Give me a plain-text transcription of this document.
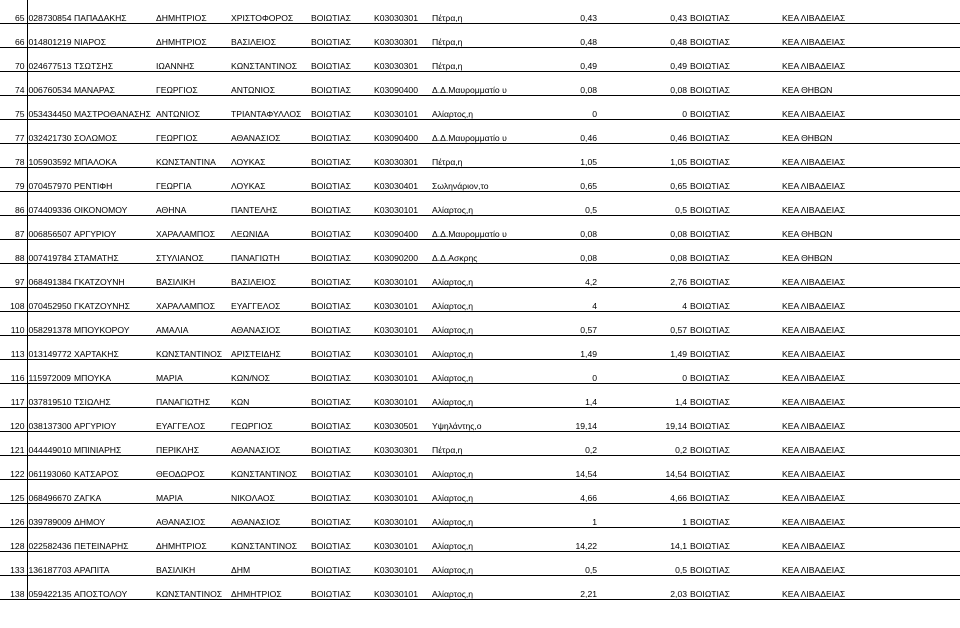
65	028730854	ΠΑΠΑΔΑΚΗΣ	ΔΗΜΗΤΡΙΟΣ	ΧΡΙΣΤΟΦΟΡΟΣ	ΒΟΙΩΤΙΑΣ	K03030301	Πέτρα,η	0,43	0,43	ΒΟΙΩΤΙΑΣ	ΚΕΑ ΛΙΒΑΔΕΙΑΣ	
66	014801219	ΝΙΑΡΟΣ	ΔΗΜΗΤΡΙΟΣ	ΒΑΣΙΛΕΙΟΣ	ΒΟΙΩΤΙΑΣ	K03030301	Πέτρα,η	0,48	0,48	ΒΟΙΩΤΙΑΣ	ΚΕΑ ΛΙΒΑΔΕΙΑΣ	
70	024677513	ΤΣΩΤΣΗΣ	ΙΩΑΝΝΗΣ	ΚΩΝΣΤΑΝΤΙΝΟΣ	ΒΟΙΩΤΙΑΣ	K03030301	Πέτρα,η	0,49	0,49	ΒΟΙΩΤΙΑΣ	ΚΕΑ ΛΙΒΑΔΕΙΑΣ	
74	006760534	ΜΑΝΑΡΑΣ	ΓΕΩΡΓΙΟΣ	ΑΝΤΩΝΙΟΣ	ΒΟΙΩΤΙΑΣ	K03090400	Δ.Δ.Μαυρομματίο υ	0,08	0,08	ΒΟΙΩΤΙΑΣ	ΚΕΑ ΘΗΒΩΝ	
75	053434450	ΜΑΣΤΡΟΘΑΝΑΣΗΣ	ΑΝΤΩΝΙΟΣ	ΤΡΙΑΝΤΑΦΥΛΛΟΣ	ΒΟΙΩΤΙΑΣ	K03030101	Αλίαρτος,η	0	0	ΒΟΙΩΤΙΑΣ	ΚΕΑ ΛΙΒΑΔΕΙΑΣ	
77	032421730	ΣΟΛΩΜΟΣ	ΓΕΩΡΓΙΟΣ	ΑΘΑΝΑΣΙΟΣ	ΒΟΙΩΤΙΑΣ	K03090400	Δ.Δ.Μαυρομματίο υ	0,46	0,46	ΒΟΙΩΤΙΑΣ	ΚΕΑ ΘΗΒΩΝ	
78	105903592	ΜΠΑΛΟΚΑ	ΚΩΝΣΤΑΝΤΙΝΑ	ΛΟΥΚΑΣ	ΒΟΙΩΤΙΑΣ	K03030301	Πέτρα,η	1,05	1,05	ΒΟΙΩΤΙΑΣ	ΚΕΑ ΛΙΒΑΔΕΙΑΣ	
79	070457970	ΡΕΝΤΙΦΗ	ΓΕΩΡΓΙΑ	ΛΟΥΚΑΣ	ΒΟΙΩΤΙΑΣ	K03030401	Σωληνάριον,το	0,65	0,65	ΒΟΙΩΤΙΑΣ	ΚΕΑ ΛΙΒΑΔΕΙΑΣ	
86	074409336	ΟΙΚΟΝΟΜΟΥ	ΑΘΗΝΑ	ΠΑΝΤΕΛΗΣ	ΒΟΙΩΤΙΑΣ	K03030101	Αλίαρτος,η	0,5	0,5	ΒΟΙΩΤΙΑΣ	ΚΕΑ ΛΙΒΑΔΕΙΑΣ	
87	006856507	ΑΡΓΥΡΙΟΥ	ΧΑΡΑΛΑΜΠΟΣ	ΛΕΩΝΙΔΑ	ΒΟΙΩΤΙΑΣ	K03090400	Δ.Δ.Μαυρομματίο υ	0,08	0,08	ΒΟΙΩΤΙΑΣ	ΚΕΑ ΘΗΒΩΝ	
88	007419784	ΣΤΑΜΑΤΗΣ	ΣΤΥΛΙΑΝΟΣ	ΠΑΝΑΓΙΩΤΗ	ΒΟΙΩΤΙΑΣ	K03090200	Δ.Δ.Ασκρης	0,08	0,08	ΒΟΙΩΤΙΑΣ	ΚΕΑ ΘΗΒΩΝ	
97	068491384	ΓΚΑΤΖΟΥΝΗ	ΒΑΣΙΛΙΚΗ	ΒΑΣΙΛΕΙΟΣ	ΒΟΙΩΤΙΑΣ	K03030101	Αλίαρτος,η	4,2	2,76	ΒΟΙΩΤΙΑΣ	ΚΕΑ ΛΙΒΑΔΕΙΑΣ	
108	070452950	ΓΚΑΤΖΟΥΝΗΣ	ΧΑΡΑΛΑΜΠΟΣ	ΕΥΑΓΓΕΛΟΣ	ΒΟΙΩΤΙΑΣ	K03030101	Αλίαρτος,η	4	4	ΒΟΙΩΤΙΑΣ	ΚΕΑ ΛΙΒΑΔΕΙΑΣ	
110	058291378	ΜΠΟΥΚΟΡΟΥ	ΑΜΑΛΙΑ	ΑΘΑΝΑΣΙΟΣ	ΒΟΙΩΤΙΑΣ	K03030101	Αλίαρτος,η	0,57	0,57	ΒΟΙΩΤΙΑΣ	ΚΕΑ ΛΙΒΑΔΕΙΑΣ	
113	013149772	ΧΑΡΤΑΚΗΣ	ΚΩΝΣΤΑΝΤΙΝΟΣ	ΑΡΙΣΤΕΙΔΗΣ	ΒΟΙΩΤΙΑΣ	K03030101	Αλίαρτος,η	1,49	1,49	ΒΟΙΩΤΙΑΣ	ΚΕΑ ΛΙΒΑΔΕΙΑΣ	
116	115972009	ΜΠΟΥΚΑ	ΜΑΡΙΑ	ΚΩΝ/ΝΟΣ	ΒΟΙΩΤΙΑΣ	K03030101	Αλίαρτος,η	0	0	ΒΟΙΩΤΙΑΣ	ΚΕΑ ΛΙΒΑΔΕΙΑΣ	
117	037819510	ΤΣΙΩΛΗΣ	ΠΑΝΑΓΙΩΤΗΣ	ΚΩΝ	ΒΟΙΩΤΙΑΣ	K03030101	Αλίαρτος,η	1,4	1,4	ΒΟΙΩΤΙΑΣ	ΚΕΑ ΛΙΒΑΔΕΙΑΣ	
120	038137300	ΑΡΓΥΡΙΟΥ	ΕΥΑΓΓΕΛΟΣ	ΓΕΩΡΓΙΟΣ	ΒΟΙΩΤΙΑΣ	K03030501	Υψηλάντης,ο	19,14	19,14	ΒΟΙΩΤΙΑΣ	ΚΕΑ ΛΙΒΑΔΕΙΑΣ	
121	044449010	ΜΠΙΝΙΑΡΗΣ	ΠΕΡΙΚΛΗΣ	ΑΘΑΝΑΣΙΟΣ	ΒΟΙΩΤΙΑΣ	K03030301	Πέτρα,η	0,2	0,2	ΒΟΙΩΤΙΑΣ	ΚΕΑ ΛΙΒΑΔΕΙΑΣ	
122	061193060	ΚΑΤΣΑΡΟΣ	ΘΕΟΔΩΡΟΣ	ΚΩΝΣΤΑΝΤΙΝΟΣ	ΒΟΙΩΤΙΑΣ	K03030101	Αλίαρτος,η	14,54	14,54	ΒΟΙΩΤΙΑΣ	ΚΕΑ ΛΙΒΑΔΕΙΑΣ	
125	068496670	ΖΑΓΚΑ	ΜΑΡΙΑ	ΝΙΚΟΛΑΟΣ	ΒΟΙΩΤΙΑΣ	K03030101	Αλίαρτος,η	4,66	4,66	ΒΟΙΩΤΙΑΣ	ΚΕΑ ΛΙΒΑΔΕΙΑΣ	
126	039789009	ΔΗΜΟΥ	ΑΘΑΝΑΣΙΟΣ	ΑΘΑΝΑΣΙΟΣ	ΒΟΙΩΤΙΑΣ	K03030101	Αλίαρτος,η	1	1	ΒΟΙΩΤΙΑΣ	ΚΕΑ ΛΙΒΑΔΕΙΑΣ	
128	022582436	ΠΕΤΕΙΝΑΡΗΣ	ΔΗΜΗΤΡΙΟΣ	ΚΩΝΣΤΑΝΤΙΝΟΣ	ΒΟΙΩΤΙΑΣ	K03030101	Αλίαρτος,η	14,22	14,1	ΒΟΙΩΤΙΑΣ	ΚΕΑ ΛΙΒΑΔΕΙΑΣ	
133	136187703	ΑΡΑΠΙΤΑ	ΒΑΣΙΛΙΚΗ	ΔΗΜ	ΒΟΙΩΤΙΑΣ	K03030101	Αλίαρτος,η	0,5	0,5	ΒΟΙΩΤΙΑΣ	ΚΕΑ ΛΙΒΑΔΕΙΑΣ	
138	059422135	ΑΠΟΣΤΟΛΟΥ	ΚΩΝΣΤΑΝΤΙΝΟΣ	ΔΗΜΗΤΡΙΟΣ	ΒΟΙΩΤΙΑΣ	K03030101	Αλίαρτος,η	2,21	2,03	ΒΟΙΩΤΙΑΣ	ΚΕΑ ΛΙΒΑΔΕΙΑΣ	
